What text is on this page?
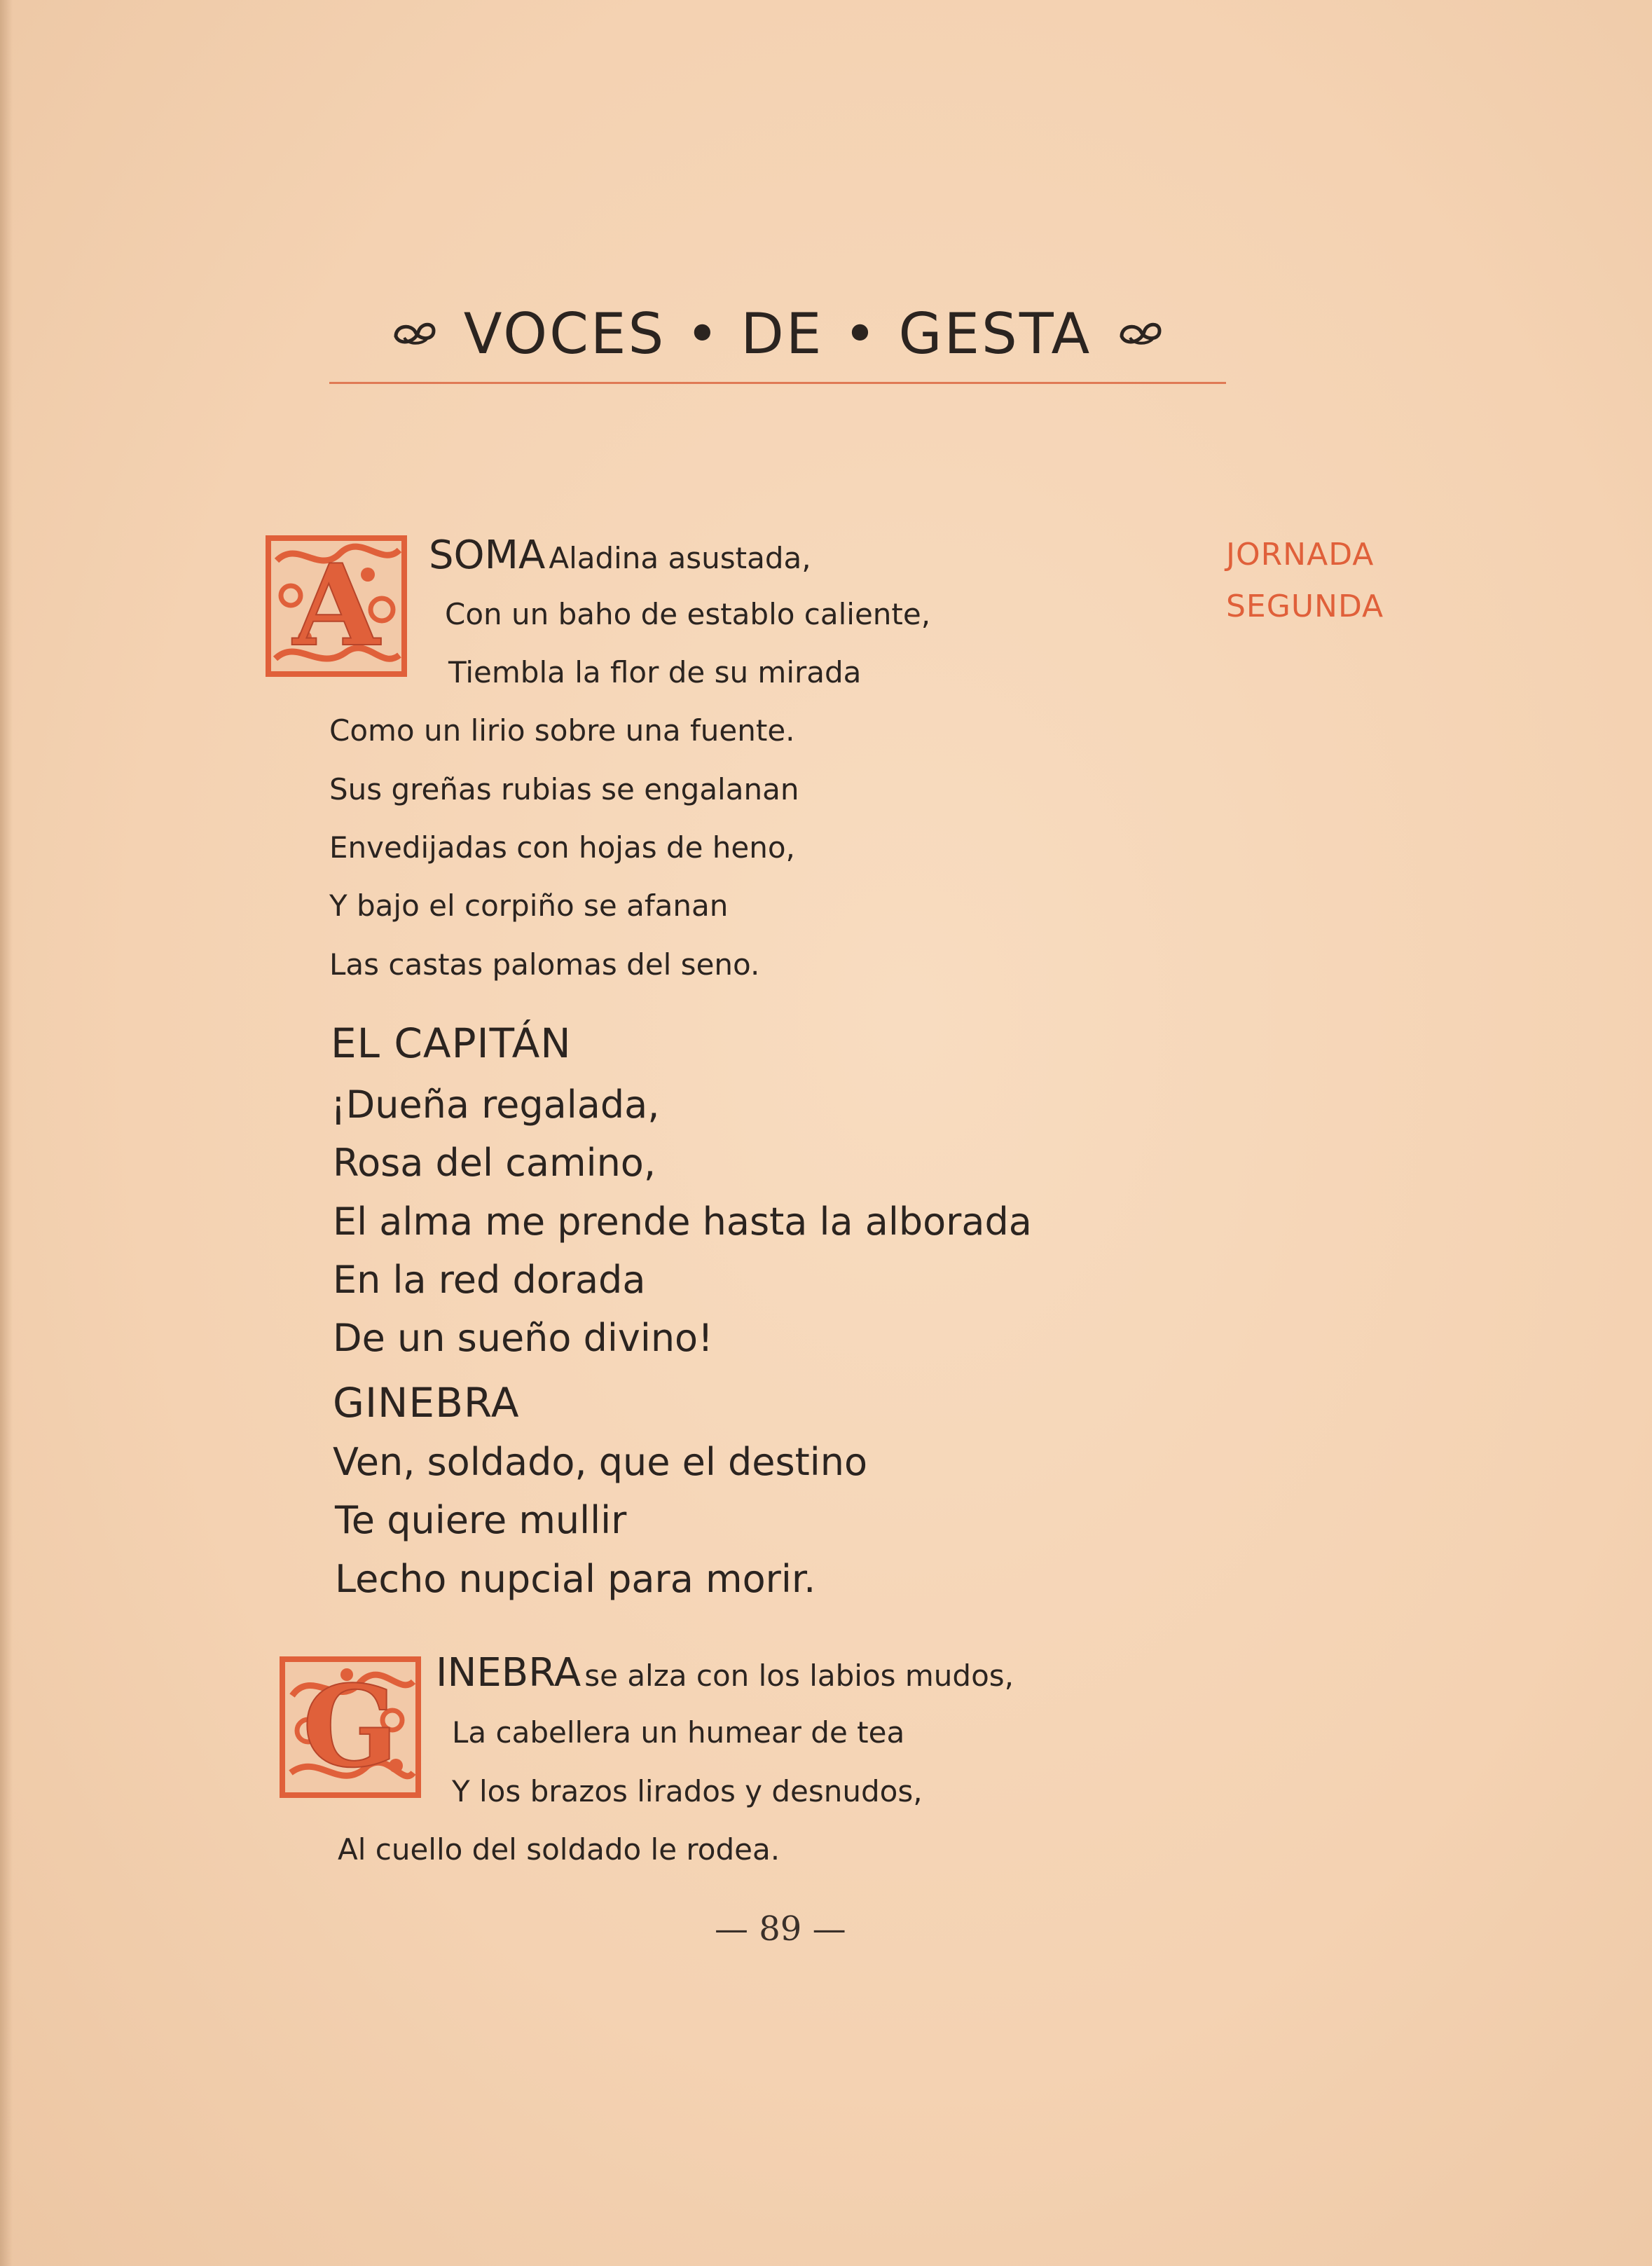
VOCES • DE • GESTA
JORNADA
SEGUNDA
A SOMA Aladina asustada,
Con un baho de establo caliente,
Tiembla la flor de su mirada
Como un lirio sobre una fuente.
Sus greñas rubias se engalanan
Envedijadas con hojas de heno,
Y bajo el corpiño se afanan
Las castas palomas del seno.
EL CAPITÁN
¡Dueña regalada,
Rosa del camino,
El alma me prende hasta la alborada
En la red dorada
De un sueño divino!
GINEBRA
Ven, soldado, que el destino
Te quiere mullir
Lecho nupcial para morir.
G INEBRA se alza con los labios mudos,
La cabellera un humear de tea
Y los brazos lirados y desnudos,
Al cuello del soldado le rodea.
— 89 —
